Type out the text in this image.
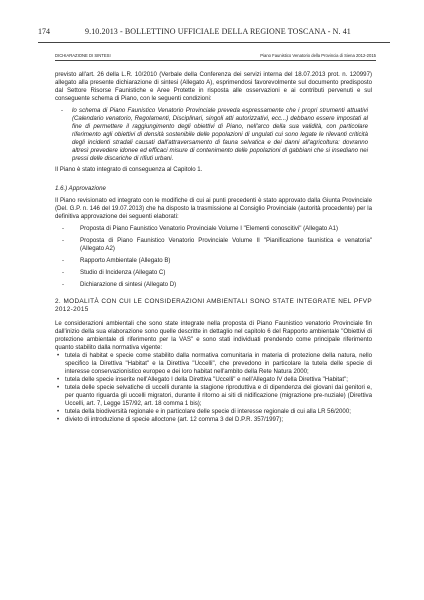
174	9.10.2013 - BOLLETTINO UFFICIALE DELLA REGIONE TOSCANA - N. 41
DICHIARAZIONE DI SINTESI	Piano Faunistico Venatorio della Provincia di Siena 2012-2015

previsto all'art. 26 della L.R. 10/2010 (Verbale della Conferenza dei servizi interna del 18.07.2013 prot. n. 120997) allegato alla presente dichiarazione di sintesi (Allegato A), esprimendosi favorevolmente sul documento predisposto dal Settore Risorse Faunistiche e Aree Protette in risposta alle osservazioni e ai contributi pervenuti e sul conseguente schema di Piano, con le seguenti condizioni:

- lo schema di Piano Faunistico Venatorio Provinciale preveda espressamente che i propri strumenti attuativi (Calendario venatorio, Regolamenti, Disciplinari, singoli atti autorizzativi, ecc...) debbano essere impostati al fine di permettere il raggiungimento degli obiettivi di Piano, nell'arco della sua validità, con particolare riferimento agli obiettivi di densità sostenibile delle popolazioni di ungulati cui sono legate le rilevanti criticità degli incidenti stradali causati dall'attraversamento di fauna selvatica e dei danni all'agricoltura: dovranno altresì prevedere idonee ed efficaci misure di contenimento delle popolazioni di gabbiani che si insediano nei pressi delle discariche di rifiuti urbani.

Il Piano è stato integrato di conseguenza al Capitolo 1.

1.6.) Approvazione

Il Piano revisionato ed integrato con le modifiche di cui ai punti precedenti è stato approvato dalla Giunta Provinciale (Del. G.P. n. 146 del 19.07.2013) che ha disposto la trasmissione al Consiglio Provinciale (autorità procedente) per la definitiva approvazione dei seguenti elaborati:

-	Proposta di Piano Faunistico Venatorio Provinciale Volume I "Elementi conoscitivi" (Allegato A1)
-	Proposta di Piano Faunistico Venatorio Provinciale Volume II "Pianificazione faunistica e venatoria" (Allegato A2)
-	Rapporto Ambientale (Allegato B)
-	Studio di Incidenza (Allegato C)
-	Dichiarazione di sintesi (Allegato D)

2. MODALITÀ CON CUI LE CONSIDERAZIONI AMBIENTALI SONO STATE INTEGRATE NEL PFVP 2012-2015

Le considerazioni ambientali che sono state integrate nella proposta di Piano Faunistico venatorio Provinciale fin dall'inizio della sua elaborazione sono quelle descritte in dettaglio nel capitolo 6 del Rapporto ambientale "Obiettivi di protezione ambientale di riferimento per la VAS" e sono stati individuati prendendo come principale riferimento quanto stabilito dalla normativa vigente:

• tutela di habitat e specie come stabilito dalla normativa comunitaria in materia di protezione della natura, nello specifico la Direttiva "Habitat" e la Direttiva "Uccelli", che prevedono in particolare la tutela delle specie di interesse conservazionistico europeo e dei loro habitat nell'ambito della Rete Natura 2000;
• tutela delle specie inserite nell'Allegato I della Direttiva "Uccelli" e nell'Allegato IV della Direttiva "Habitat";
• tutela delle specie selvatiche di uccelli durante la stagione riproduttiva e di dipendenza dei giovani dai genitori e, per quanto riguarda gli uccelli migratori, durante il ritorno ai siti di nidificazione (migrazione pre-nuziale) (Direttiva Uccelli, art. 7, Legge 157/92, art. 18 comma 1 bis);
• tutela della biodiversità regionale e in particolare delle specie di interesse regionale di cui alla LR 56/2000;
• divieto di introduzione di specie alloctone (art. 12 comma 3 del D.P.R. 357/1997);
